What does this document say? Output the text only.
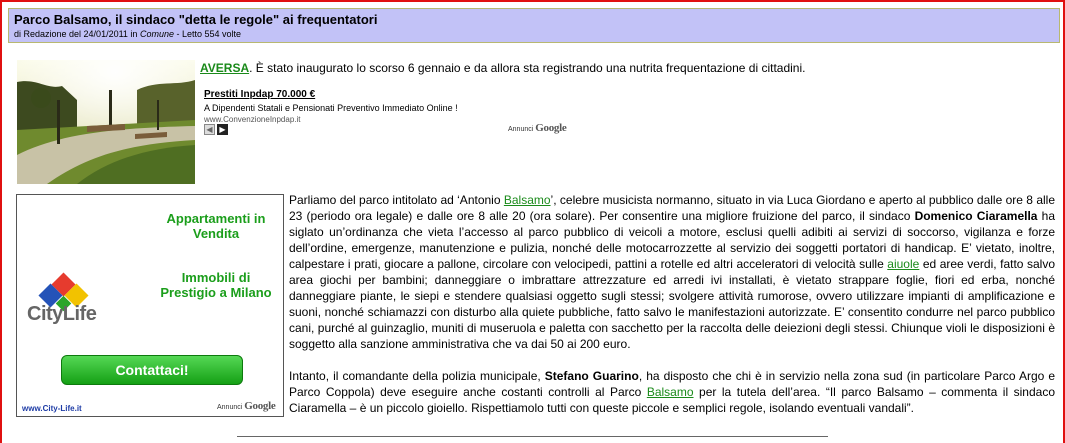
Parco Balsamo, il sindaco "detta le regole" ai frequentatori
di Redazione del 24/01/2011 in Comune - Letto 554 volte
AVERSA. È stato inaugurato lo scorso 6 gennaio e da allora sta registrando una nutrita frequentazione di cittadini.
Prestiti Inpdap 70.000 €
A Dipendenti Statali e Pensionati Preventivo Immediato Online !
www.ConvenzioneInpdap.it
◀ ▶	Annunci Google
Appartamenti in Vendita
Immobili di Prestigio a Milano
CityLife
Contattaci!
www.City-Life.it	Annunci Google

Parliamo del parco intitolato ad ‘Antonio Balsamo’, celebre musicista normanno, situato in via Luca Giordano e aperto al pubblico dalle ore 8 alle 23 (periodo ora legale) e dalle ore 8 alle 20 (ora solare). Per consentire una migliore fruizione del parco, il sindaco Domenico Ciaramella ha siglato un’ordinanza che vieta l’accesso al parco pubblico di veicoli a motore, esclusi quelli adibiti ai servizi di soccorso, vigilanza e forze dell’ordine, emergenze, manutenzione e pulizia, nonché delle motocarrozzette al servizio dei soggetti portatori di handicap. E’ vietato, inoltre, calpestare i prati, giocare a pallone, circolare con velocipedi, pattini a rotelle ed altri acceleratori di velocità sulle aiuole ed aree verdi, fatto salvo area giochi per bambini; danneggiare o imbrattare attrezzature ed arredi ivi installati, è vietato strappare foglie, fiori ed erba, nonché danneggiare piante, le siepi e stendere qualsiasi oggetto sugli stessi; svolgere attività rumorose, ovvero utilizzare impianti di amplificazione e suoni, nonché schiamazzi con disturbo alla quiete pubbliche, fatto salvo le manifestazioni autorizzate. E’ consentito condurre nel parco pubblico cani, purché al guinzaglio, muniti di museruola e paletta con sacchetto per la raccolta delle deiezioni degli stessi. Chiunque violi le disposizioni è soggetto alla sanzione amministrativa che va dai 50 ai 200 euro.

Intanto, il comandante della polizia municipale, Stefano Guarino, ha disposto che chi è in servizio nella zona sud (in particolare Parco Argo e Parco Coppola) deve eseguire anche costanti controlli al Parco Balsamo per la tutela dell’area. “Il parco Balsamo – commenta il sindaco Ciaramella – è un piccolo gioiello. Rispettiamolo tutti con queste piccole e semplici regole, isolando eventuali vandali”.
